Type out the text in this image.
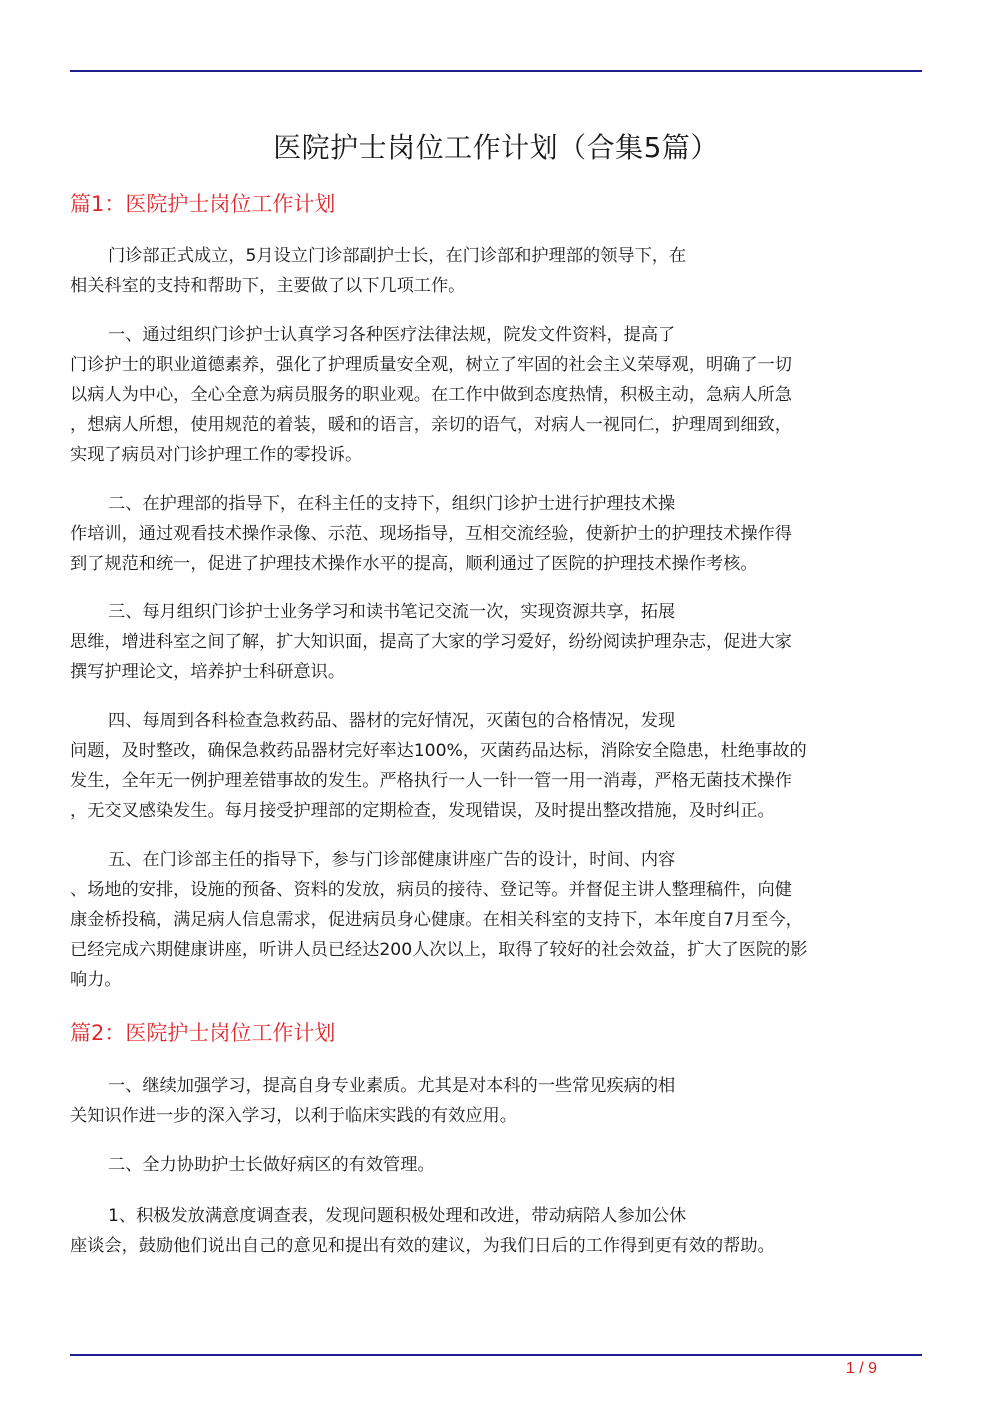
医院护士岗位工作计划（合集5篇）
篇1：医院护士岗位工作计划
门诊部正式成立，5月设立门诊部副护士长，在门诊部和护理部的领导下，在
相关科室的支持和帮助下，主要做了以下几项工作。
一、通过组织门诊护士认真学习各种医疗法律法规，院发文件资料，提高了
门诊护士的职业道德素养，强化了护理质量安全观，树立了牢固的社会主义荣辱观，明确了一切
以病人为中心，全心全意为病员服务的职业观。在工作中做到态度热情，积极主动，急病人所急
，想病人所想，使用规范的着装，暖和的语言，亲切的语气，对病人一视同仁，护理周到细致，
实现了病员对门诊护理工作的零投诉。
二、在护理部的指导下，在科主任的支持下，组织门诊护士进行护理技术操
作培训，通过观看技术操作录像、示范、现场指导，互相交流经验，使新护士的护理技术操作得
到了规范和统一，促进了护理技术操作水平的提高，顺利通过了医院的护理技术操作考核。
三、每月组织门诊护士业务学习和读书笔记交流一次，实现资源共享，拓展
思维，增进科室之间了解，扩大知识面，提高了大家的学习爱好，纷纷阅读护理杂志，促进大家
撰写护理论文，培养护士科研意识。
四、每周到各科检查急救药品、器材的完好情况，灭菌包的合格情况，发现
问题，及时整改，确保急救药品器材完好率达100%，灭菌药品达标，消除安全隐患，杜绝事故的
发生，全年无一例护理差错事故的发生。严格执行一人一针一管一用一消毒，严格无菌技术操作
，无交叉感染发生。每月接受护理部的定期检查，发现错误，及时提出整改措施，及时纠正。
五、在门诊部主任的指导下，参与门诊部健康讲座广告的设计，时间、内容
、场地的安排，设施的预备、资料的发放，病员的接待、登记等。并督促主讲人整理稿件，向健
康金桥投稿，满足病人信息需求，促进病员身心健康。在相关科室的支持下，本年度自7月至今，
已经完成六期健康讲座，听讲人员已经达200人次以上，取得了较好的社会效益，扩大了医院的影
响力。
篇2：医院护士岗位工作计划
一、继续加强学习，提高自身专业素质。尤其是对本科的一些常见疾病的相
关知识作进一步的深入学习，以利于临床实践的有效应用。
二、全力协助护士长做好病区的有效管理。
1、积极发放满意度调查表，发现问题积极处理和改进，带动病陪人参加公休
座谈会，鼓励他们说出自己的意见和提出有效的建议，为我们日后的工作得到更有效的帮助。
1 / 9
